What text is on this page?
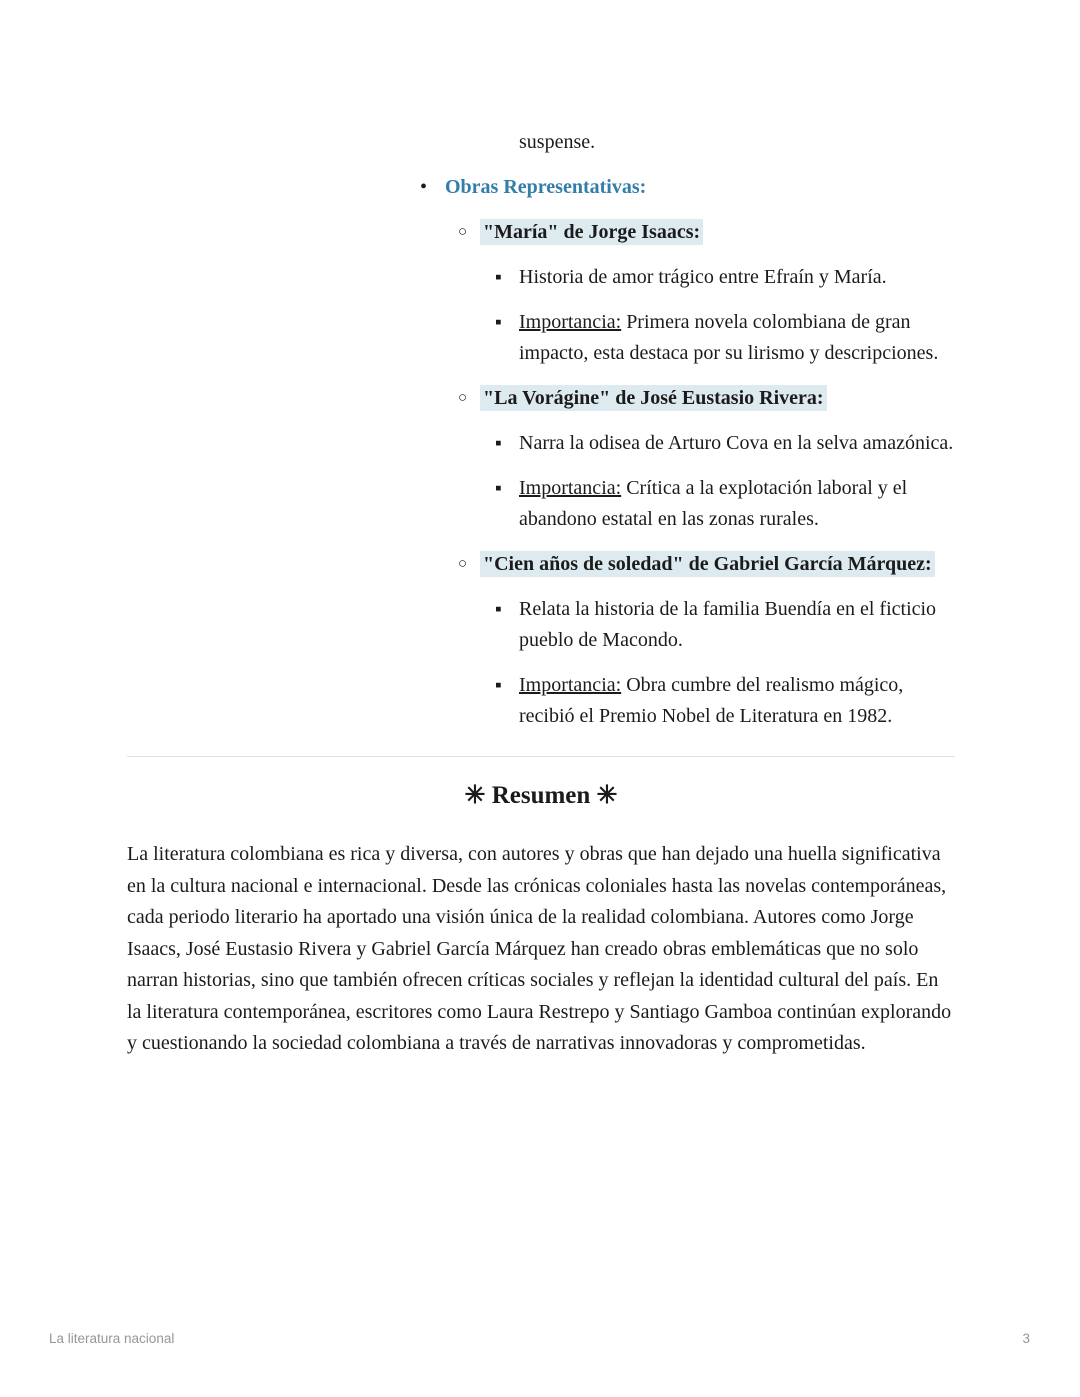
suspense.
• Obras Representativas:
○ "María" de Jorge Isaacs:
▪ Historia de amor trágico entre Efraín y María.
▪ Importancia: Primera novela colombiana de gran impacto, esta destaca por su lirismo y descripciones.
○ "La Vorágine" de José Eustasio Rivera:
▪ Narra la odisea de Arturo Cova en la selva amazónica.
▪ Importancia: Crítica a la explotación laboral y el abandono estatal en las zonas rurales.
○ "Cien años de soledad" de Gabriel García Márquez:
▪ Relata la historia de la familia Buendía en el ficticio pueblo de Macondo.
▪ Importancia: Obra cumbre del realismo mágico, recibió el Premio Nobel de Literatura en 1982.
✳ Resumen ✳

La literatura colombiana es rica y diversa, con autores y obras que han dejado una huella significativa en la cultura nacional e internacional. Desde las crónicas coloniales hasta las novelas contemporáneas, cada periodo literario ha aportado una visión única de la realidad colombiana. Autores como Jorge Isaacs, José Eustasio Rivera y Gabriel García Márquez han creado obras emblemáticas que no solo narran historias, sino que también ofrecen críticas sociales y reflejan la identidad cultural del país. En la literatura contemporánea, escritores como Laura Restrepo y Santiago Gamboa continúan explorando y cuestionando la sociedad colombiana a través de narrativas innovadoras y comprometidas.

La literatura nacional	3
